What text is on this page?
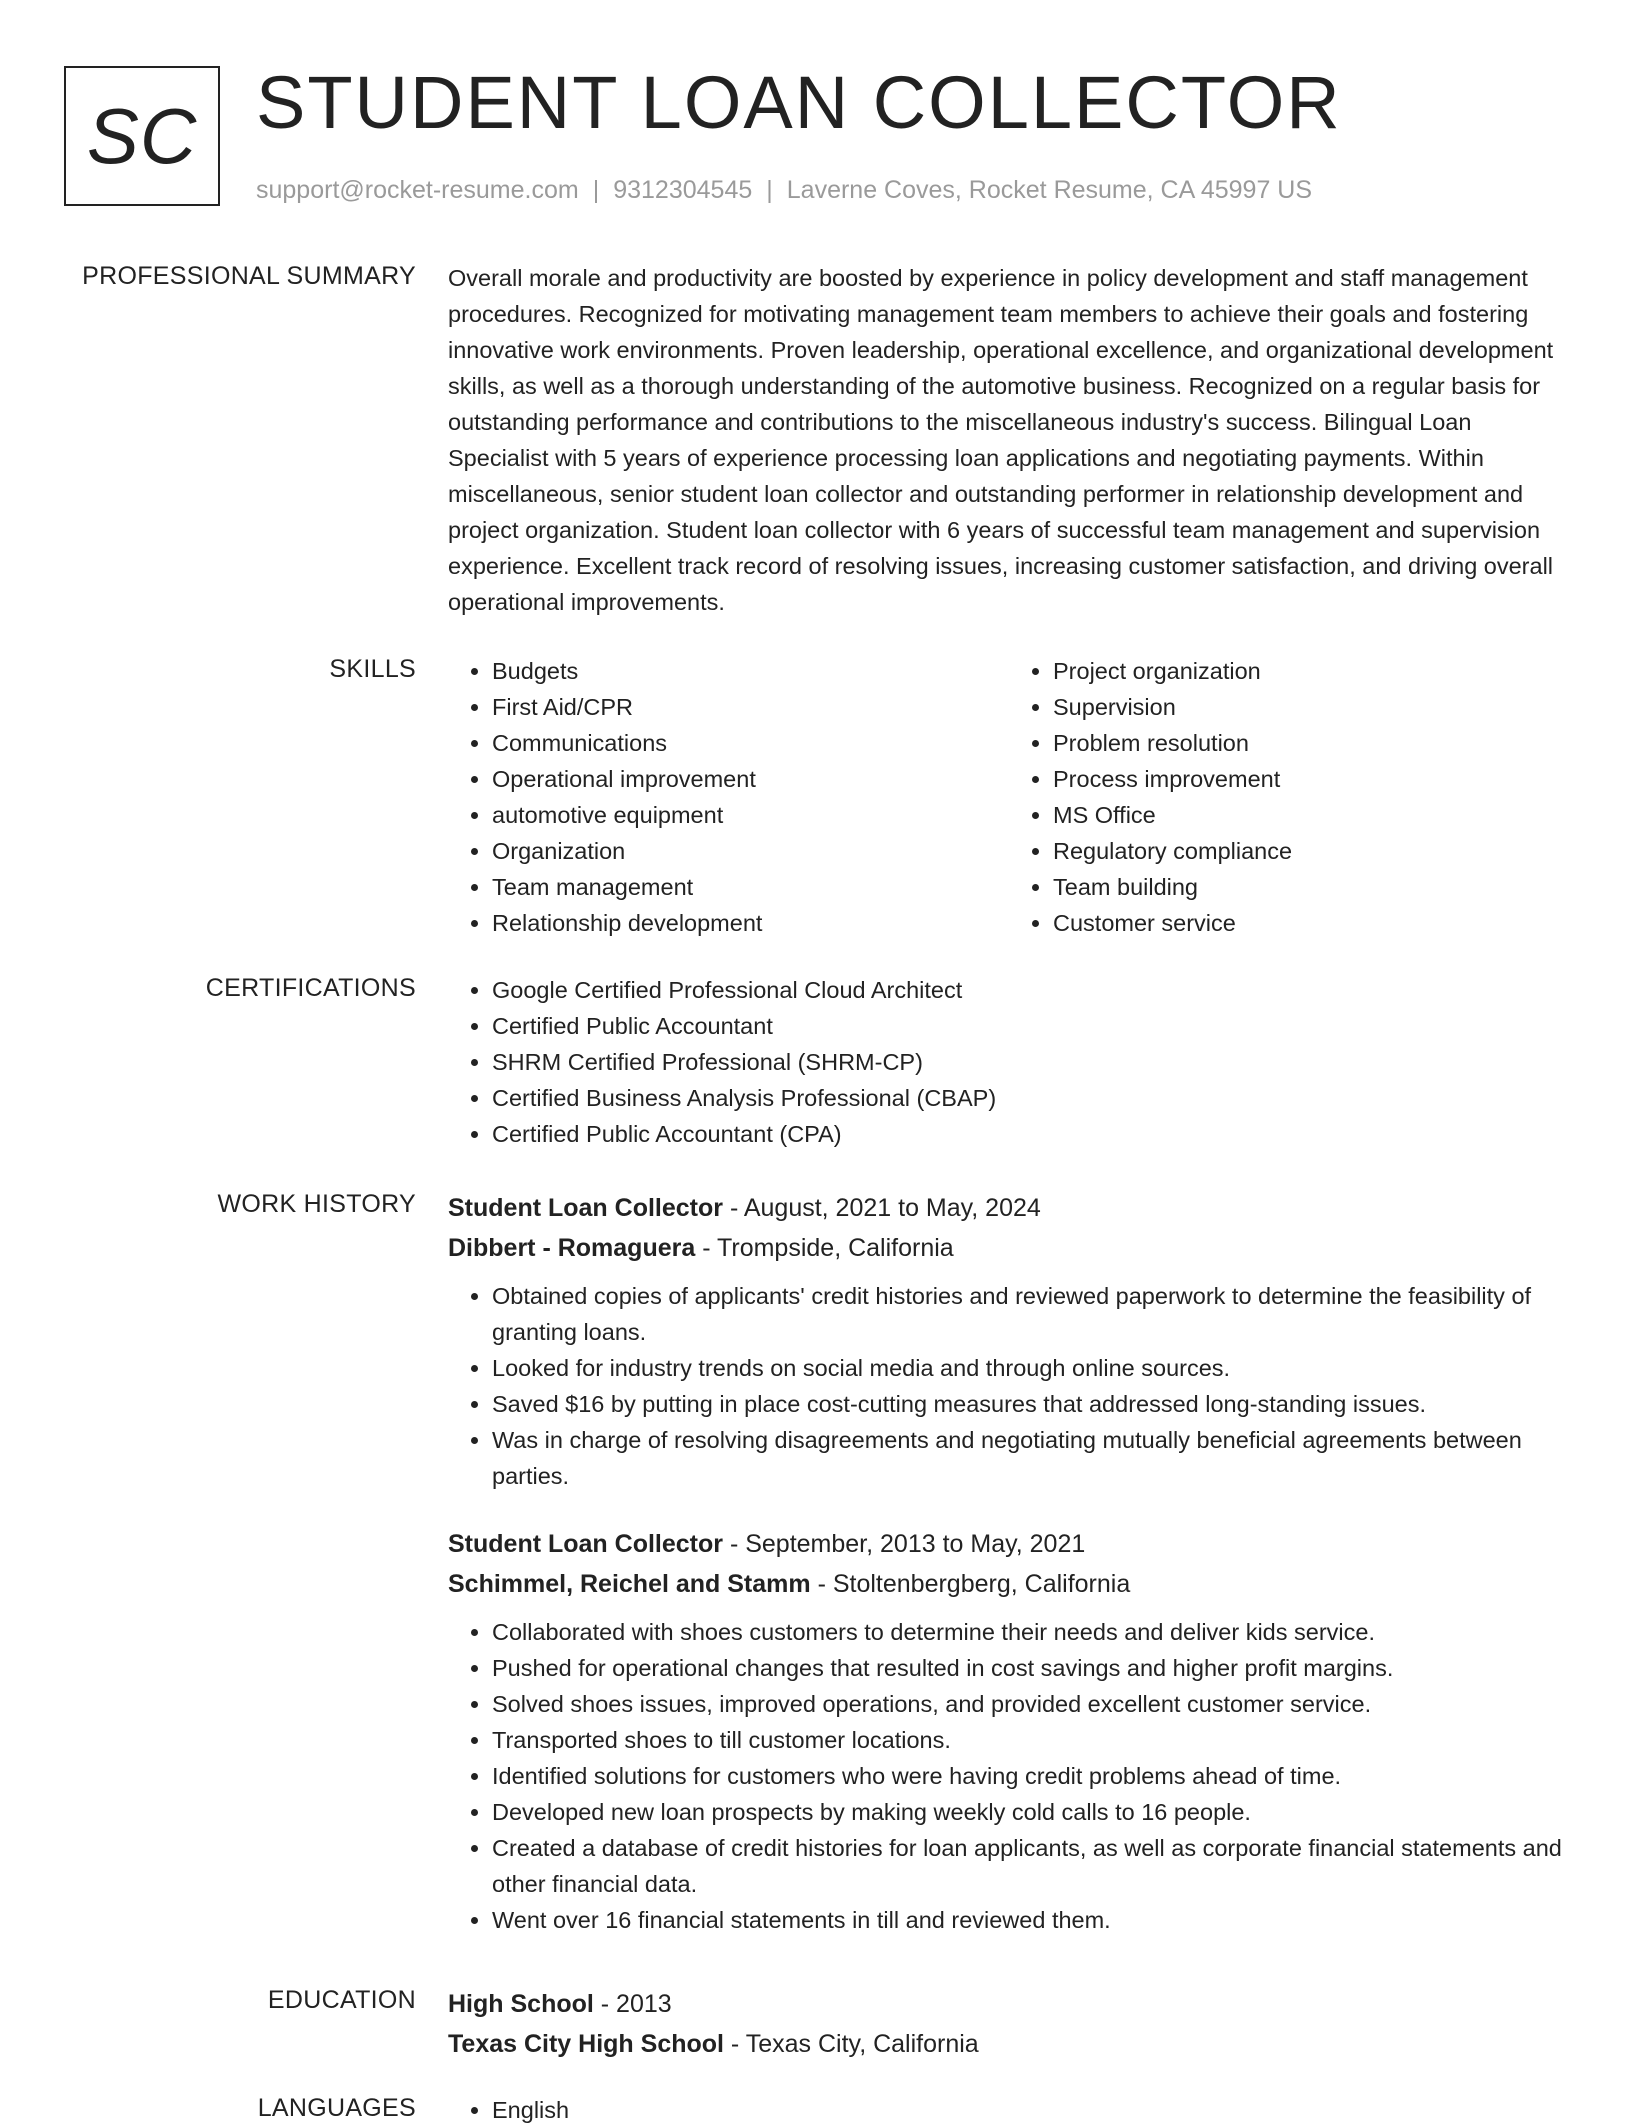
SC STUDENT LOAN COLLECTOR
support@rocket-resume.com | 9312304545 | Laverne Coves, Rocket Resume, CA 45997 US
PROFESSIONAL SUMMARY Overall morale and productivity are boosted by experience in policy development and staff management procedures. Recognized for motivating management team members to achieve their goals and fostering innovative work environments. Proven leadership, operational excellence, and organizational development skills, as well as a thorough understanding of the automotive business. Recognized on a regular basis for outstanding performance and contributions to the miscellaneous industry's success. Bilingual Loan Specialist with 5 years of experience processing loan applications and negotiating payments. Within miscellaneous, senior student loan collector and outstanding performer in relationship development and project organization. Student loan collector with 6 years of successful team management and supervision experience. Excellent track record of resolving issues, increasing customer satisfaction, and driving overall operational improvements.

SKILLS	• Budgets
• First Aid/CPR
• Communications
• Operational improvement
• automotive equipment
• Organization
• Team management
• Relationship development
• Project organization
• Supervision
• Problem resolution
• Process improvement
• MS Office
• Regulatory compliance
• Team building
• Customer service
CERTIFICATIONS	• Google Certified Professional Cloud Architect
• Certified Public Accountant
• SHRM Certified Professional (SHRM-CP)
• Certified Business Analysis Professional (CBAP)
• Certified Public Accountant (CPA)
WORK HISTORY Student Loan Collector - August, 2021 to May, 2024
Dibbert - Romaguera - Trompside, California
• Obtained copies of applicants' credit histories and reviewed paperwork to determine the feasibility of granting loans.
• Looked for industry trends on social media and through online sources.
• Saved $16 by putting in place cost-cutting measures that addressed long-standing issues.
• Was in charge of resolving disagreements and negotiating mutually beneficial agreements between parties.
Student Loan Collector - September, 2013 to May, 2021
Schimmel, Reichel and Stamm - Stoltenbergberg, California
• Collaborated with shoes customers to determine their needs and deliver kids service.
• Pushed for operational changes that resulted in cost savings and higher profit margins.
• Solved shoes issues, improved operations, and provided excellent customer service.
• Transported shoes to till customer locations.
• Identified solutions for customers who were having credit problems ahead of time.
• Developed new loan prospects by making weekly cold calls to 16 people.
• Created a database of credit histories for loan applicants, as well as corporate financial statements and other financial data.
• Went over 16 financial statements in till and reviewed them.
EDUCATION High School - 2013
Texas City High School - Texas City, California
LANGUAGES	• English
